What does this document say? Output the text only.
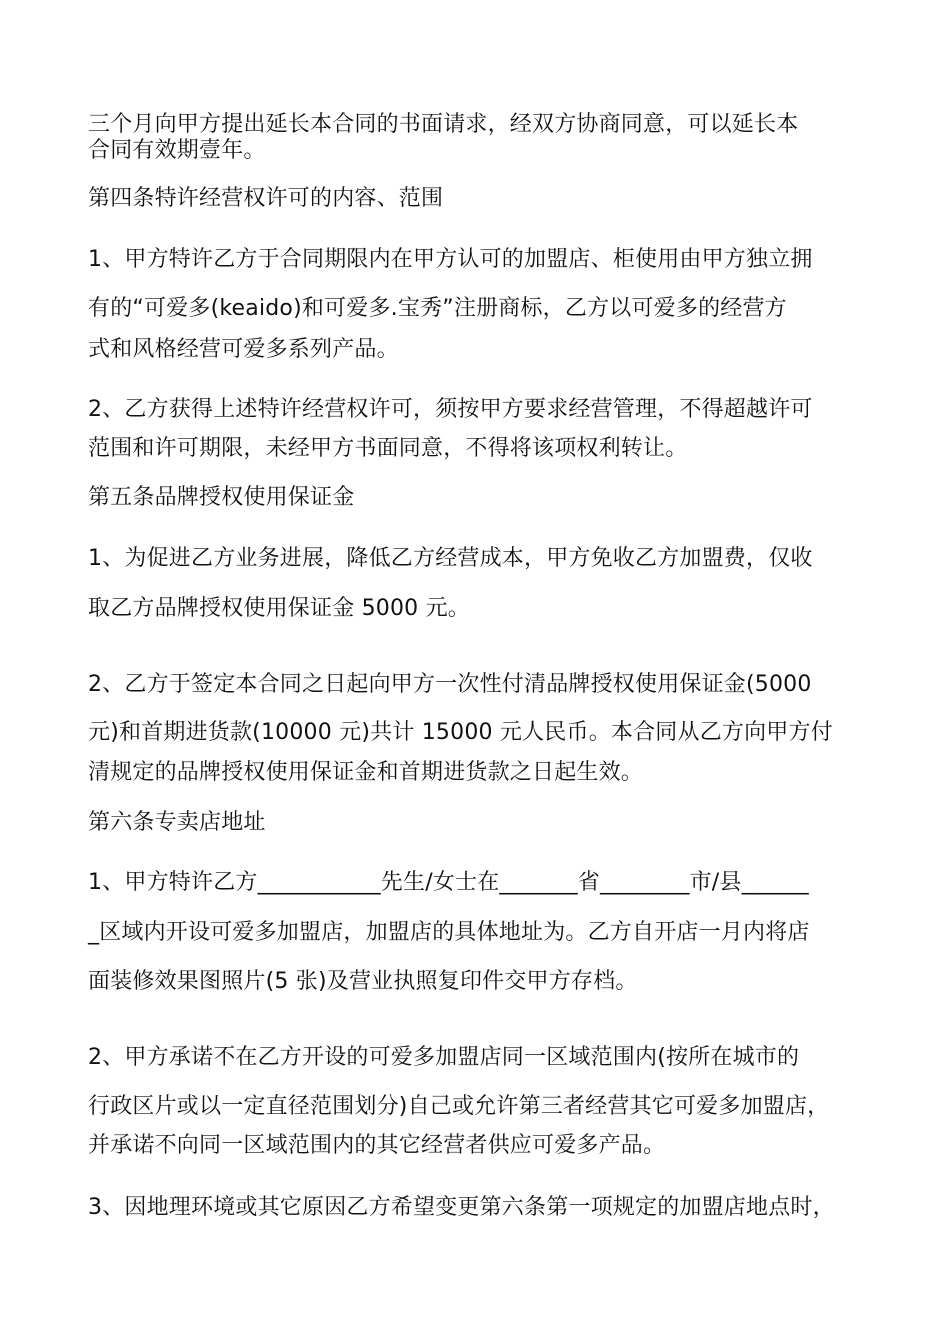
三个月向甲方提出延长本合同的书面请求，经双方协商同意，可以延长本
合同有效期壹年。
第四条特许经营权许可的内容、范围
1、甲方特许乙方于合同期限内在甲方认可的加盟店、柜使用由甲方独立拥
有的“可爱多(keaido)和可爱多.宝秀”注册商标，乙方以可爱多的经营方
式和风格经营可爱多系列产品。
2、乙方获得上述特许经营权许可，须按甲方要求经营管理，不得超越许可
范围和许可期限，未经甲方书面同意，不得将该项权利转让。
第五条品牌授权使用保证金
1、为促进乙方业务进展，降低乙方经营成本，甲方免收乙方加盟费，仅收
取乙方品牌授权使用保证金 5000 元。
2、乙方于签定本合同之日起向甲方一次性付清品牌授权使用保证金(5000
元)和首期进货款(10000 元)共计 15000 元人民币。本合同从乙方向甲方付
清规定的品牌授权使用保证金和首期进货款之日起生效。
第六条专卖店地址
1、甲方特许乙方___________先生/女士在_______省________市/县______
_区域内开设可爱多加盟店，加盟店的具体地址为。乙方自开店一月内将店
面装修效果图照片(5 张)及营业执照复印件交甲方存档。
2、甲方承诺不在乙方开设的可爱多加盟店同一区域范围内(按所在城市的
行政区片或以一定直径范围划分)自己或允许第三者经营其它可爱多加盟店，
并承诺不向同一区域范围内的其它经营者供应可爱多产品。
3、因地理环境或其它原因乙方希望变更第六条第一项规定的加盟店地点时，
